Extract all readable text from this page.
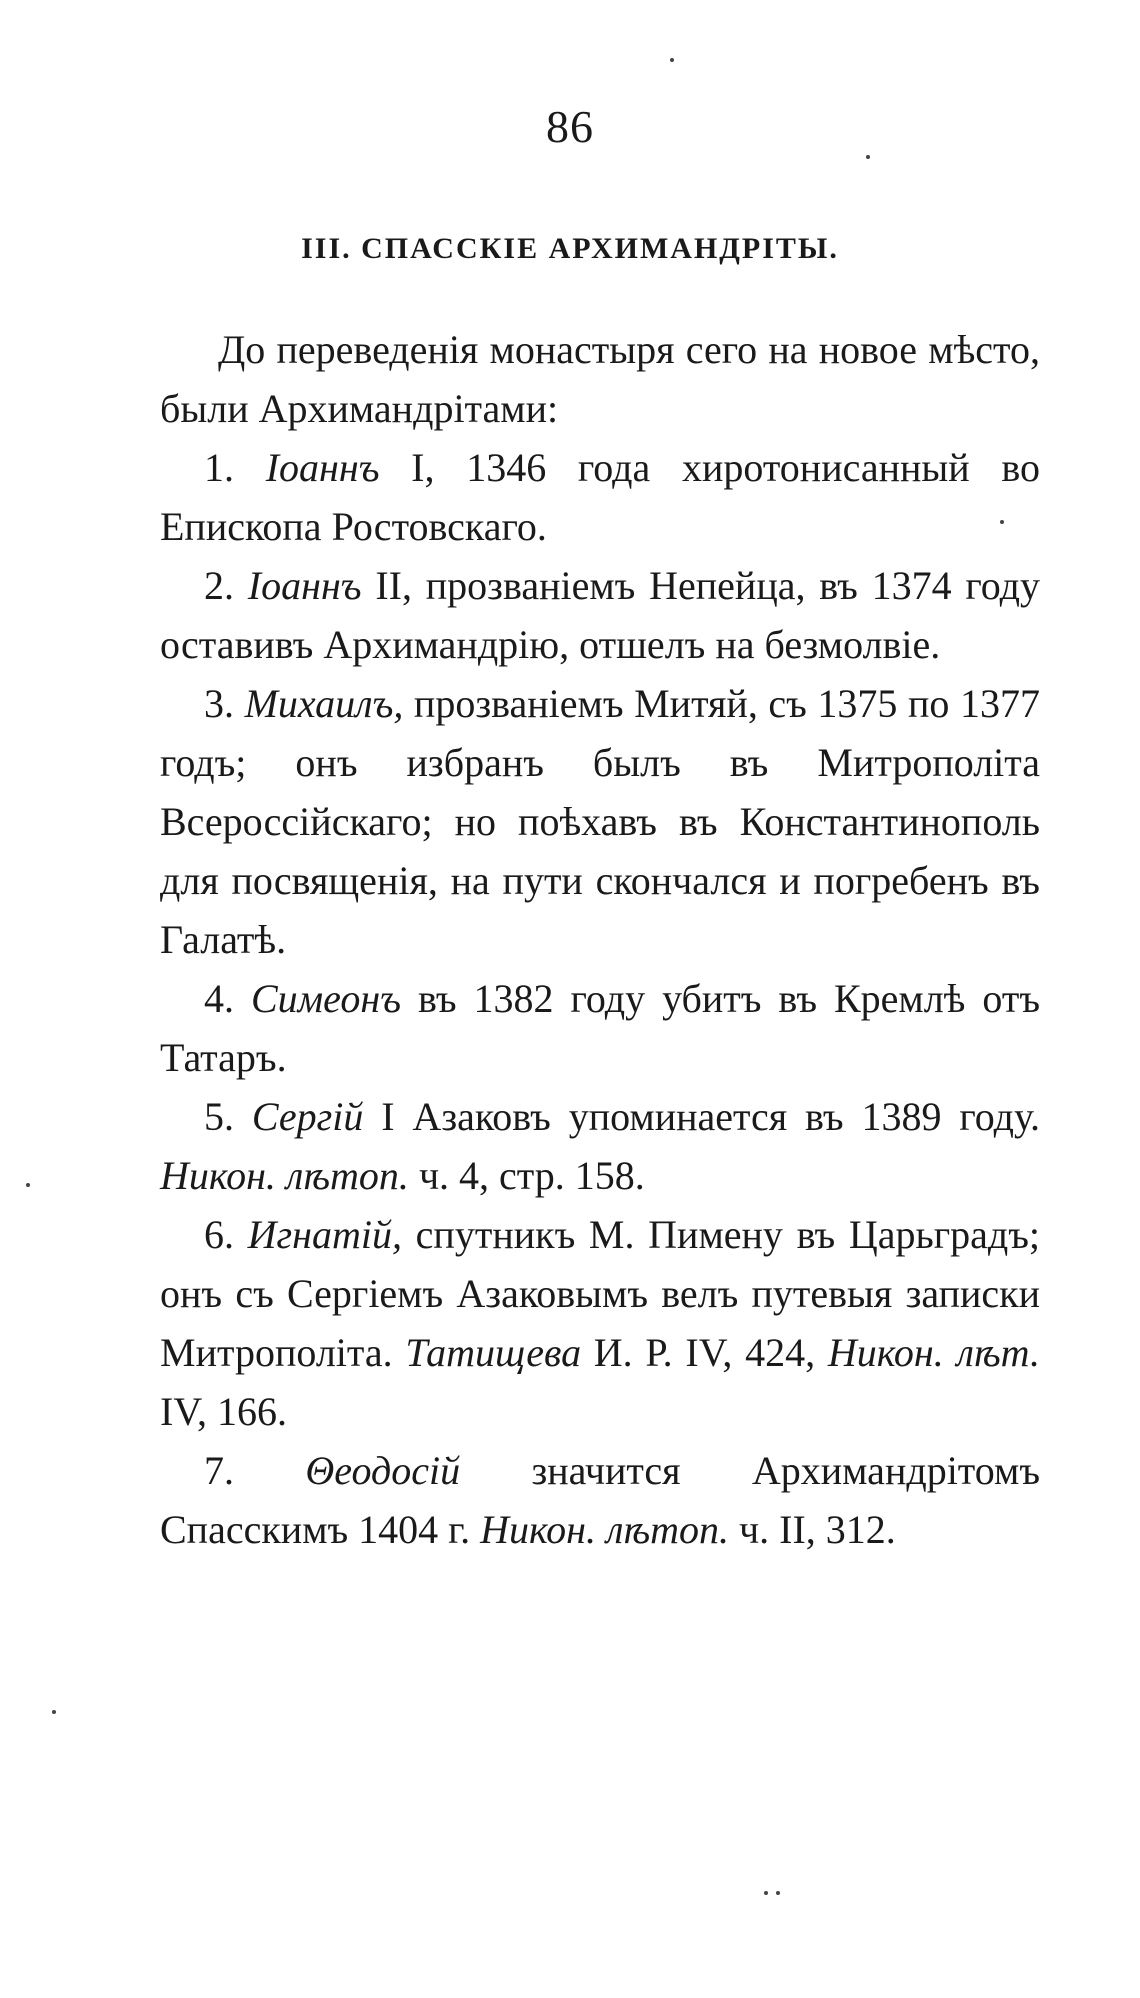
86
III. СПАССКІЕ АРХИМАНДРІТЫ.

До переведенія монастыря сего на новое мѣсто, были Архимандрітами:

1. Іоаннъ I, 1346 года хиротонисанный во Епископа Ростовскаго.

2. Іоаннъ II, прозваніемъ Непейца, въ 1374 году оставивъ Архимандрію, отшелъ на безмолвіе.

3. Михаилъ, прозваніемъ Митяй, съ 1375 по 1377 годъ; онъ избранъ былъ въ Митрополіта Всероссійскаго; но поѣхавъ въ Константинополь для посвященія, на пути скончался и погребенъ въ Галатѣ.

4. Симеонъ въ 1382 году убитъ въ Кремлѣ отъ Татаръ.

5. Сергій I Азаковъ упоминается въ 1389 году. Никон. лѣтоп. ч. 4, стр. 158.

6. Игнатій, спутникъ М. Пимену въ Царьградъ; онъ съ Сергіемъ Азаковымъ велъ путевыя записки Митрополіта. Татищева И. Р. IV, 424, Никон. лѣт. IV, 166.

7. Θеодосій значится Архимандрітомъ Спасскимъ 1404 г. Никон. лѣтоп. ч. II, 312.
